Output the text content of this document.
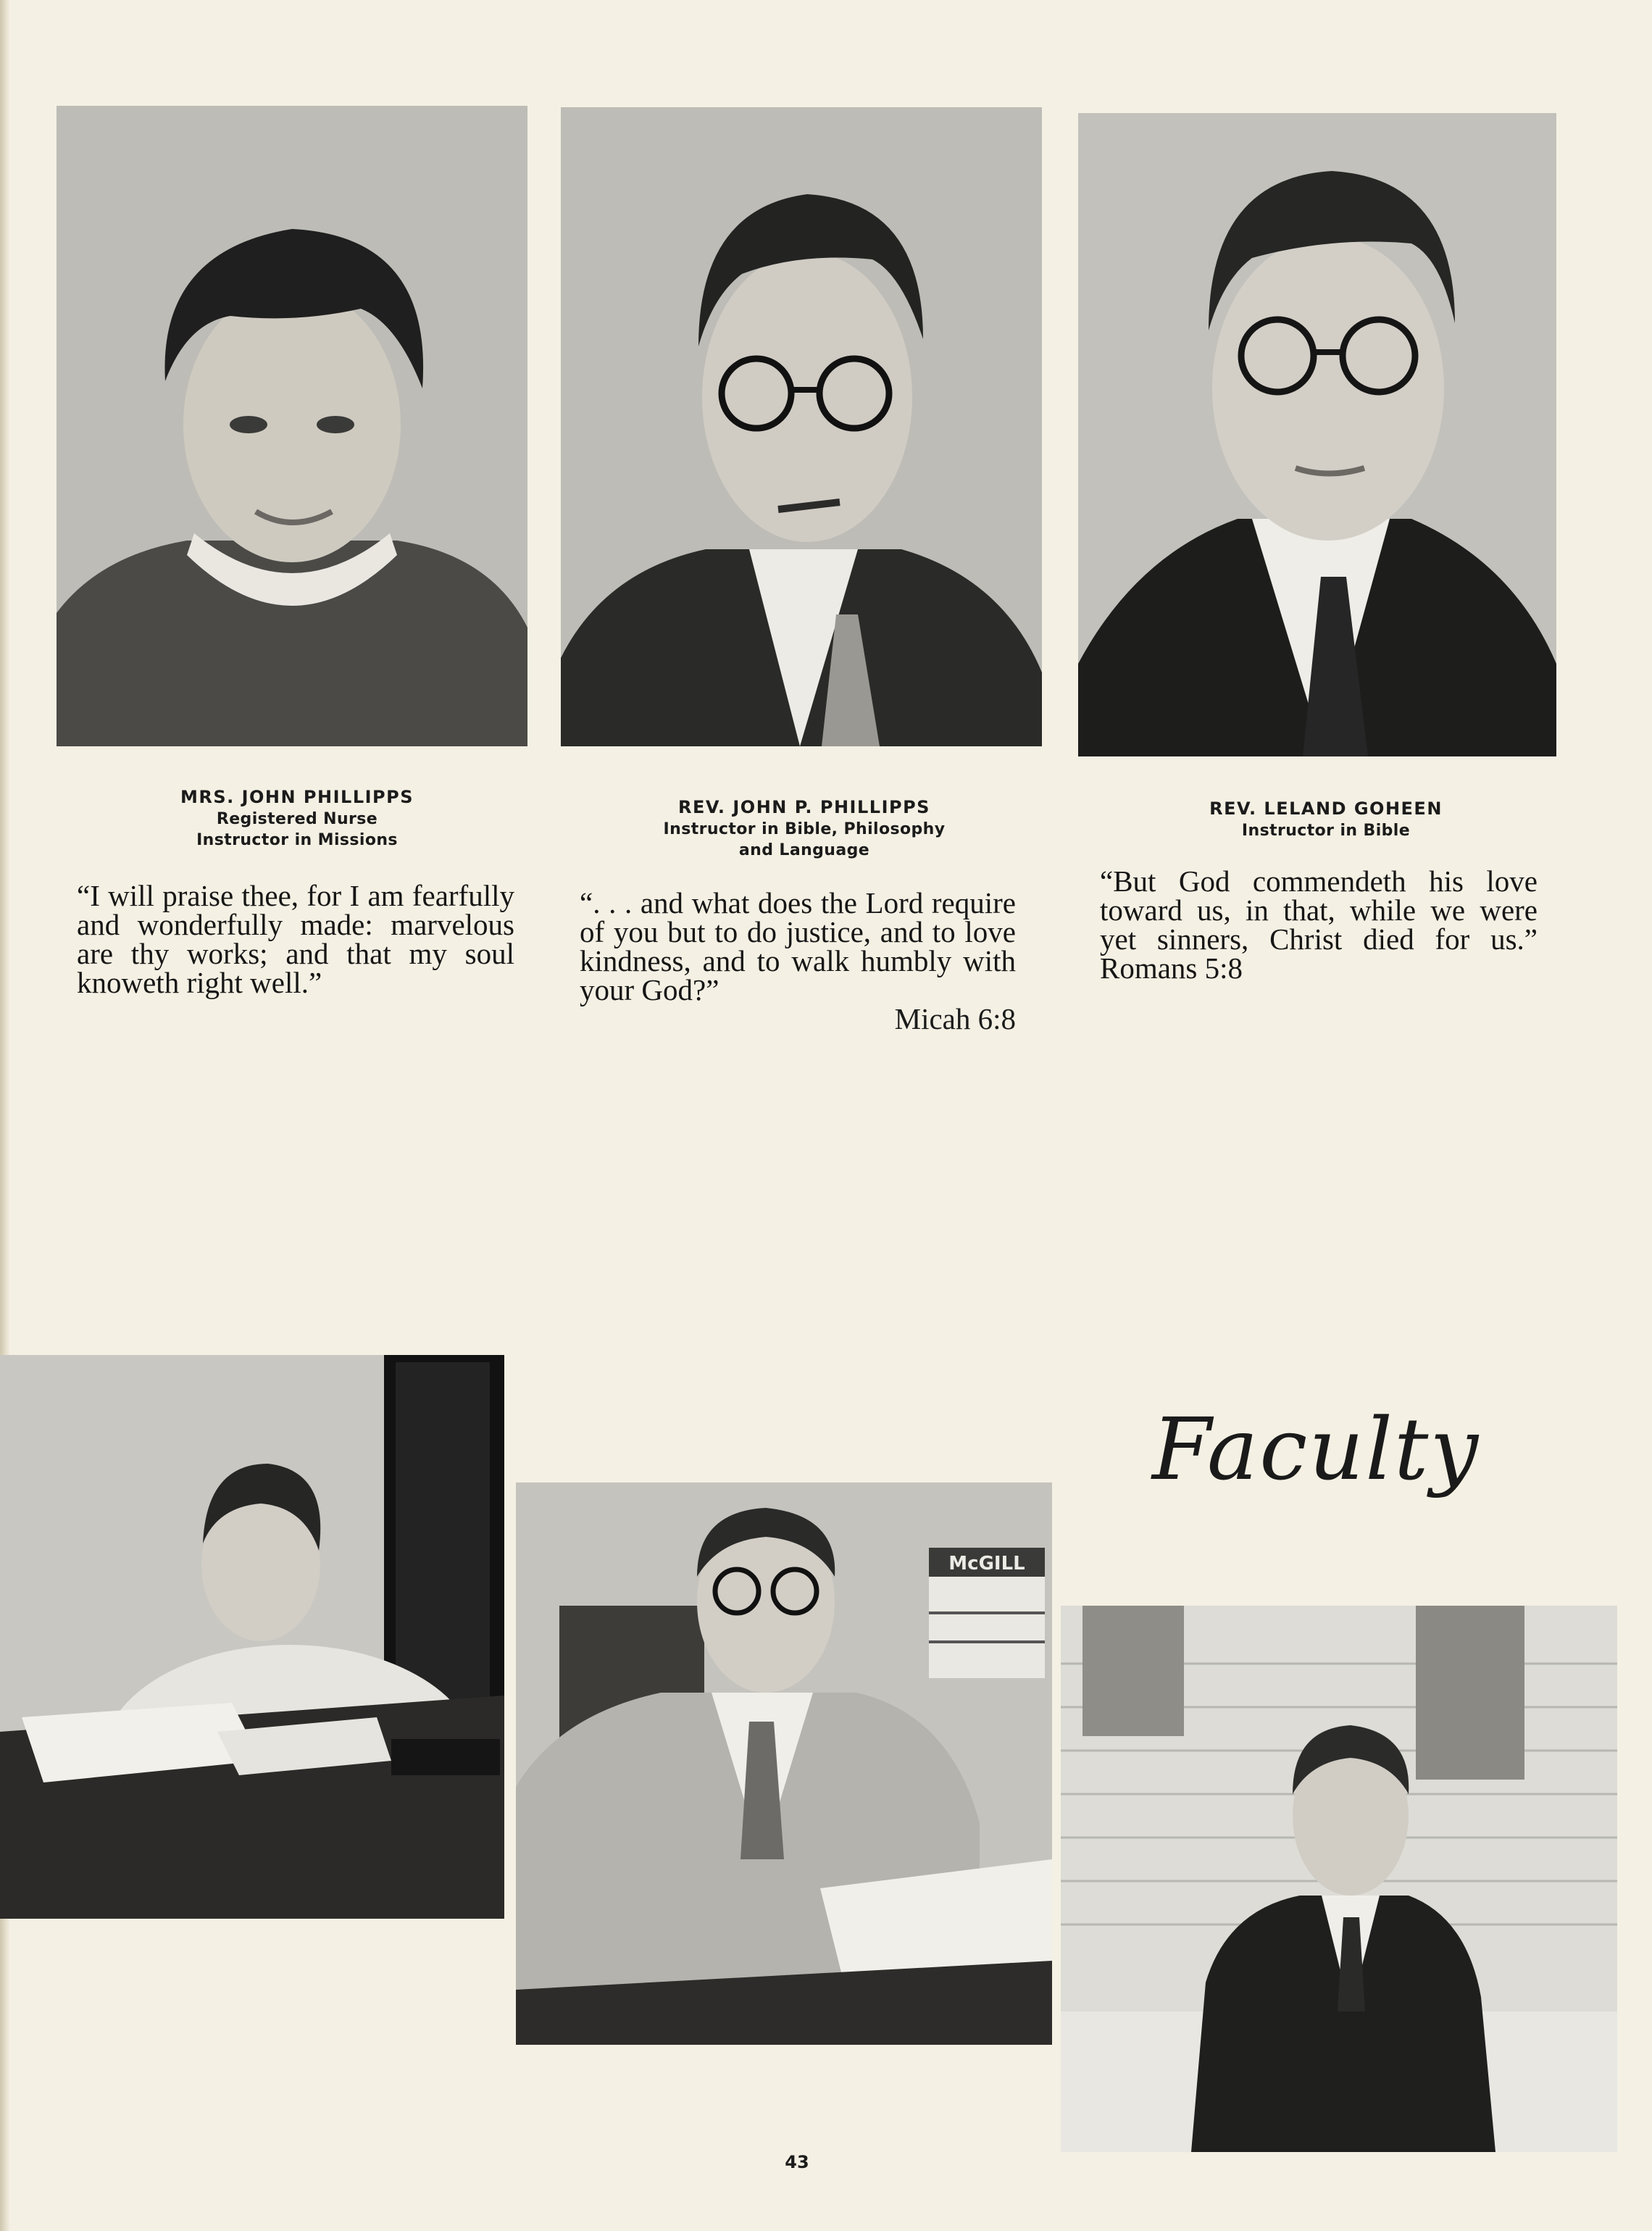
MRS. JOHN PHILLIPPS
Registered Nurse
Instructor in Missions
“I will praise thee, for I am fearfully and wonderfully made: marvelous are thy works; and that my soul knoweth right well.”
REV. JOHN P. PHILLIPPS
Instructor in Bible, Philosophy
and Language
“. . . and what does the Lord require of you but to do justice, and to love kindness, and to walk humbly with your God?”
Micah 6:8
REV. LELAND GOHEEN
Instructor in Bible
“But God commendeth his love toward us, in that, while we were yet sinners, Christ died for us.” Romans 5:8
McGILL
Faculty
43
